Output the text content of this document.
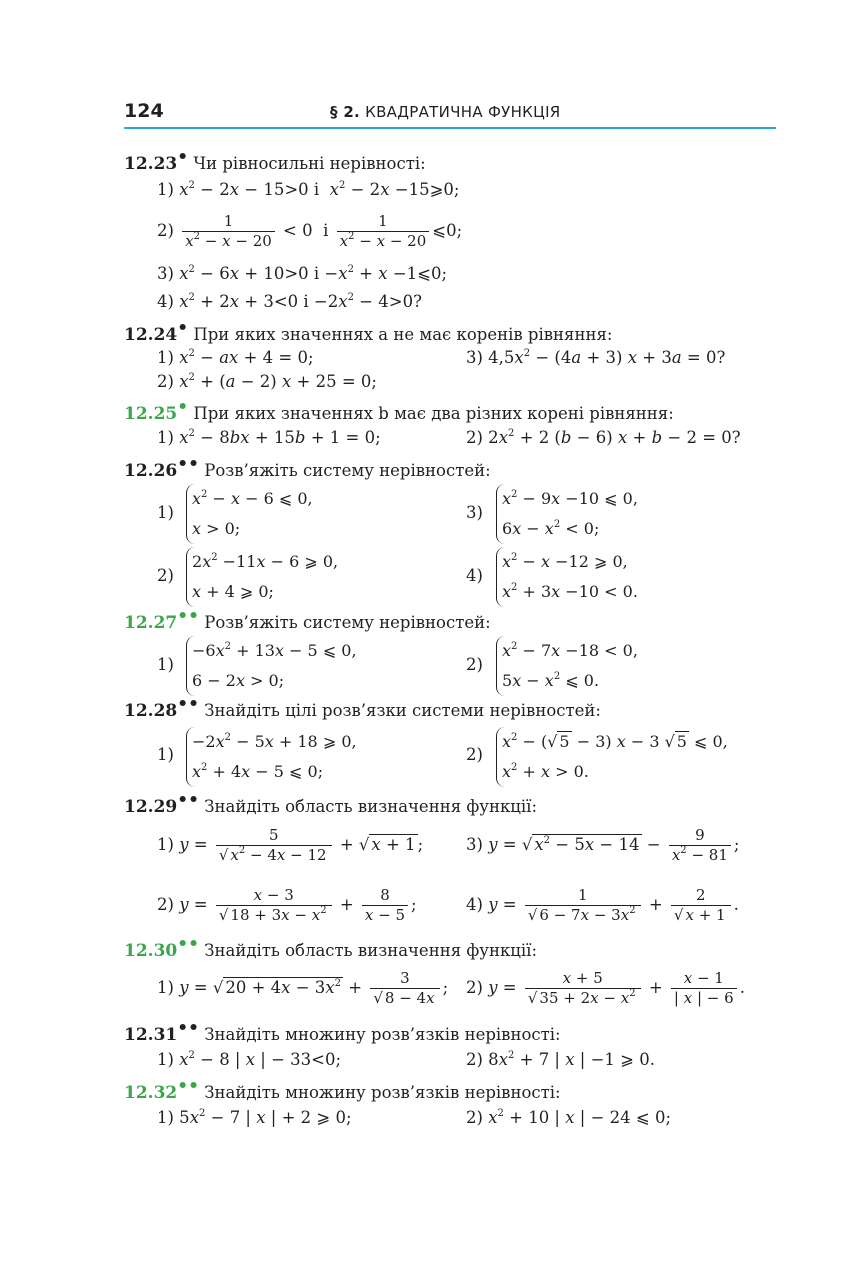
124	§ 2. КВАДРАТИЧНА ФУНКЦІЯ
12.23• Чи рівносильні нерівності:
1) $x^2 - 2x - 15>0$ і  $x^2 - 2x$ −15⩾0;
$2) \frac{1}{x^2 - x - 20} < 0$  і $\frac{1}{x^2 - x - 20}$ ⩽0;
3) $x^2 - 6x + 10>0$ $і -x^2 + x$ −1⩽0;
4) $x^2 + 2x + 3<0$ $і -2x^2 - 4>0$?
12.24• При яких значеннях a не має коренів рівняння:
1) $x^2$ − ax + 4 = 0;	3) $4,5x^2 - (4a + 3) x + 3a = 0$?
2) $x^2 + (a - 2) x + 25 = 0$;
12.25• При яких значеннях b має два різних корені рівняння:
1) $x^2 - 8bx + 15b + 1 = 0$;	2) $2x^2 + 2$ (b − 6) x + b − 2 = 0?
12.26•• Розв’яжіть систему нерівностей:
1)
$x^2 - x - 6$ ⩽ 0,
x > 0;
3)
$x^2 - 9x -10$ ⩽ 0,
$6x - x^2 < 0$;
2)
$2x^2 -11x - 6$ ⩾ 0,
x + 4 ⩾ 0;
4)
$x^2 - x -12$ ⩾ 0,
$x^2 + 3x -10 < 0$.
12.27•• Розв’яжіть систему нерівностей:
1)
$-6x^2 + 13x - 5$ ⩽ 0,
6 − 2x > 0;
2)
$x^2 - 7x -18 < 0$,
$5x - x^2$ ⩽ 0.
12.28•• Знайдіть цілі розв’язки системи нерівностей:
1)
$-2x^2 - 5x + 18$ ⩾ 0,
$x^2 + 4x - 5$ ⩽ 0;
2)
$x^2$ − (√ 5 − 3) x − 3 √ 5 ⩽ 0,
$x^2 + x > 0$.
12.29•• Знайдіть область визначення функції:
1) $y = \frac{5}{√ x^2 - 4x - 12}$ + √ x + 1 ;	3) y = √ $x^2 - 5x - 14 - \frac{9}{x^2 - 81}$ ;
2) $y = \frac{x - 3}{√ 18 + 3x - x^2} + \frac{8}{x - 5}$ ;	4) $y = \frac{1}{√ 6 - 7x - 3x^2} + \frac{2}{√ x + 1}$ .
12.30•• Знайдіть область визначення функції:
1) y = √ $20 + 4x - 3x^2 + \frac{3}{√ 8 - 4x}$ ; 2) $y = \frac{x + 5}{√ 35 + 2x - x^2} + \frac{x - 1}{| x | - 6}$ .
12.31•• Знайдіть множину розв’язків нерівності:
1) $x^2 - 8$ | x | − 33<0;	2) $8x^2 + 7$ | x | −1 ⩾ 0.
12.32•• Знайдіть множину розв’язків нерівності:
1) $5x^2 - 7$ | x | + 2 ⩾ 0;	2) $x^2 + 10$ | x | − 24 ⩽ 0;
